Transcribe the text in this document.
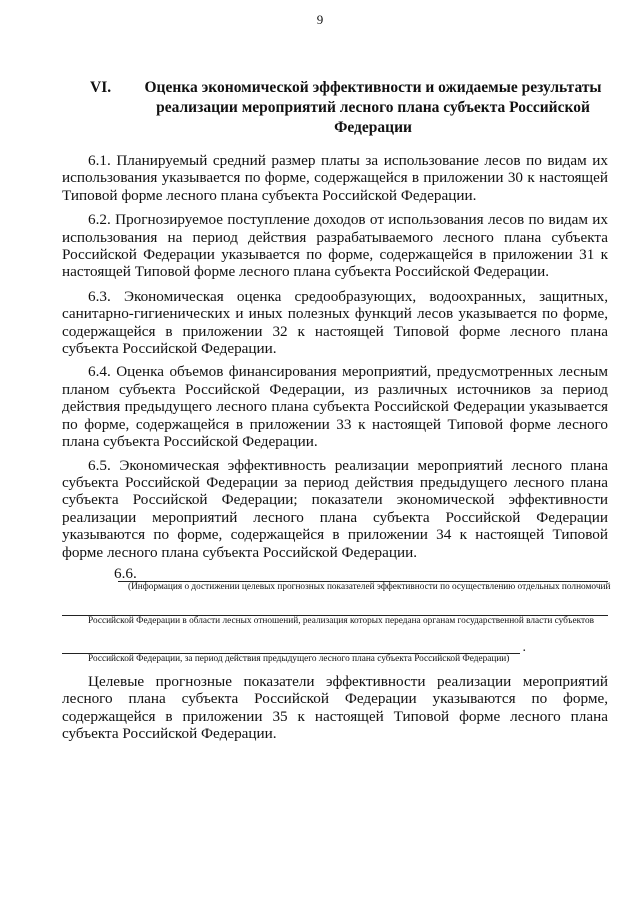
9
VI.	Оценка экономической эффективности и ожидаемые результаты реализации мероприятий лесного плана субъекта Российской Федерации

6.1. Планируемый средний размер платы за использование лесов по видам их использования указывается по форме, содержащейся в приложении 30 к настоящей Типовой форме лесного плана субъекта Российской Федерации.

6.2. Прогнозируемое поступление доходов от использования лесов по видам их использования на период действия разрабатываемого лесного плана субъекта Российской Федерации указывается по форме, содержащейся в приложении 31 к настоящей Типовой форме лесного плана субъекта Российской Федерации.

6.3. Экономическая оценка средообразующих, водоохранных, защитных, санитарно-гигиенических и иных полезных функций лесов указывается по форме, содержащейся в приложении 32 к настоящей Типовой форме лесного плана субъекта Российской Федерации.

6.4. Оценка объемов финансирования мероприятий, предусмотренных лесным планом субъекта Российской Федерации, из различных источников за период действия предыдущего лесного плана субъекта Российской Федерации указывается по форме, содержащейся в приложении 33 к настоящей Типовой форме лесного плана субъекта Российской Федерации.

6.5. Экономическая эффективность реализации мероприятий лесного плана субъекта Российской Федерации за период действия предыдущего лесного плана субъекта Российской Федерации; показатели экономической эффективности реализации мероприятий лесного плана субъекта Российской Федерации указываются по форме, содержащейся в приложении 34 к настоящей Типовой форме лесного плана субъекта Российской Федерации.

6.6.
(Информация о достижении целевых прогнозных показателей эффективности по осуществлению отдельных полномочий
Российской Федерации в области лесных отношений, реализация которых передана органам государственной власти субъектов
.
Российской Федерации, за период действия предыдущего лесного плана субъекта Российской Федерации)

Целевые прогнозные показатели эффективности реализации мероприятий лесного плана субъекта Российской Федерации указываются по форме, содержащейся в приложении 35 к настоящей Типовой форме лесного плана субъекта Российской Федерации.
